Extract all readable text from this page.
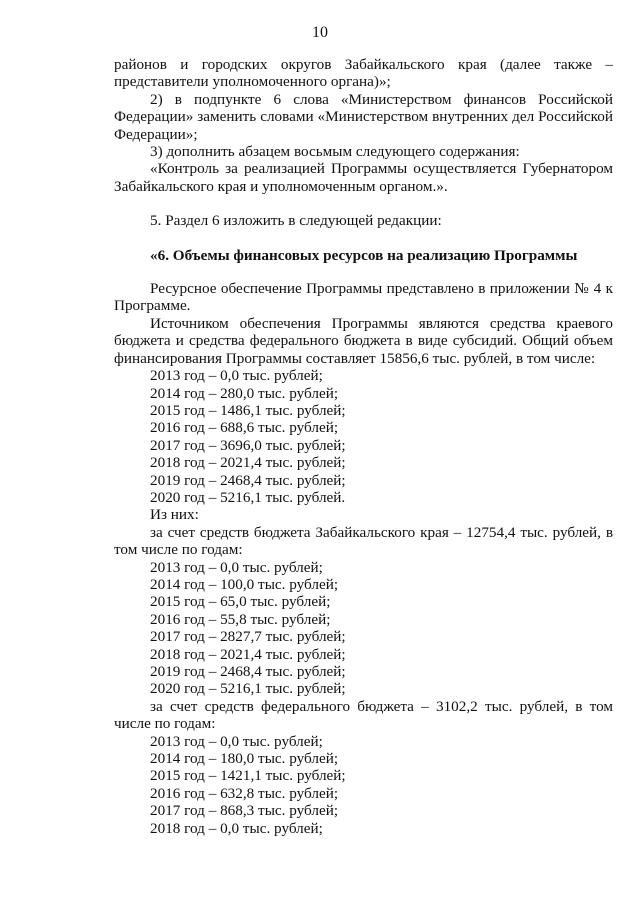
10

районов и городских округов Забайкальского края (далее также – представители уполномоченного органа)»;

2) в подпункте 6 слова «Министерством финансов Российской Федерации» заменить словами «Министерством внутренних дел Российской Федерации»;

3) дополнить абзацем восьмым следующего содержания:

«Контроль за реализацией Программы осуществляется Губернатором Забайкальского края и уполномоченным органом.».

5. Раздел 6 изложить в следующей редакции:

«6. Объемы финансовых ресурсов на реализацию Программы

Ресурсное обеспечение Программы представлено в приложении № 4 к Программе.

Источником обеспечения Программы являются средства краевого бюджета и средства федерального бюджета в виде субсидий. Общий объем финансирования Программы составляет 15856,6 тыс. рублей, в том числе:

2013 год – 0,0 тыс. рублей;

2014 год – 280,0 тыс. рублей;

2015 год – 1486,1 тыс. рублей;

2016 год – 688,6 тыс. рублей;

2017 год – 3696,0 тыс. рублей;

2018 год – 2021,4 тыс. рублей;

2019 год – 2468,4 тыс. рублей;

2020 год – 5216,1 тыс. рублей.

Из них:

за счет средств бюджета Забайкальского края – 12754,4 тыс. рублей, в том числе по годам:

2013 год – 0,0 тыс. рублей;

2014 год – 100,0 тыс. рублей;

2015 год – 65,0 тыс. рублей;

2016 год – 55,8 тыс. рублей;

2017 год – 2827,7 тыс. рублей;

2018 год – 2021,4 тыс. рублей;

2019 год – 2468,4 тыс. рублей;

2020 год – 5216,1 тыс. рублей;

за счет средств федерального бюджета – 3102,2 тыс. рублей, в том числе по годам:

2013 год – 0,0 тыс. рублей;

2014 год – 180,0 тыс. рублей;

2015 год – 1421,1 тыс. рублей;

2016 год – 632,8 тыс. рублей;

2017 год – 868,3 тыс. рублей;

2018 год – 0,0 тыс. рублей;
